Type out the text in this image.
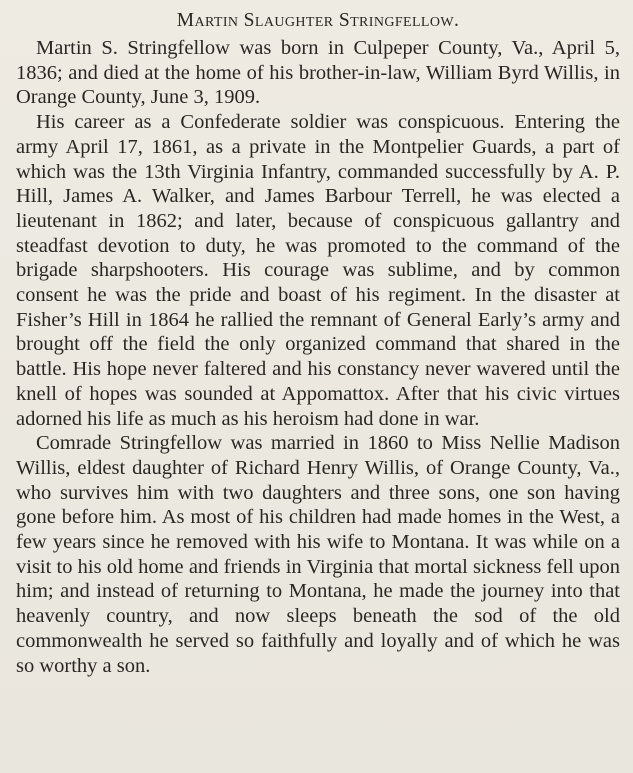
Martin Slaughter Stringfellow.

Martin S. Stringfellow was born in Culpeper County, Va., April 5, 1836; and died at the home of his brother-in-law, William Byrd Willis, in Orange County, June 3, 1909.

His career as a Confederate soldier was conspicuous. Entering the army April 17, 1861, as a private in the Montpelier Guards, a part of which was the 13th Virginia Infantry, commanded successfully by A. P. Hill, James A. Walker, and James Barbour Terrell, he was elected a lieutenant in 1862; and later, because of conspicuous gallantry and steadfast devotion to duty, he was promoted to the command of the brigade sharpshooters. His courage was sublime, and by common consent he was the pride and boast of his regiment. In the disaster at Fisher’s Hill in 1864 he rallied the remnant of General Early’s army and brought off the field the only organized command that shared in the battle. His hope never faltered and his constancy never wavered until the knell of hopes was sounded at Appomattox. After that his civic virtues adorned his life as much as his heroism had done in war.

Comrade Stringfellow was married in 1860 to Miss Nellie Madison Willis, eldest daughter of Richard Henry Willis, of Orange County, Va., who survives him with two daughters and three sons, one son having gone before him. As most of his children had made homes in the West, a few years since he removed with his wife to Montana. It was while on a visit to his old home and friends in Virginia that mortal sickness fell upon him; and instead of returning to Montana, he made the journey into that heavenly country, and now sleeps beneath the sod of the old commonwealth he served so faithfully and loyally and of which he was so worthy a son.
